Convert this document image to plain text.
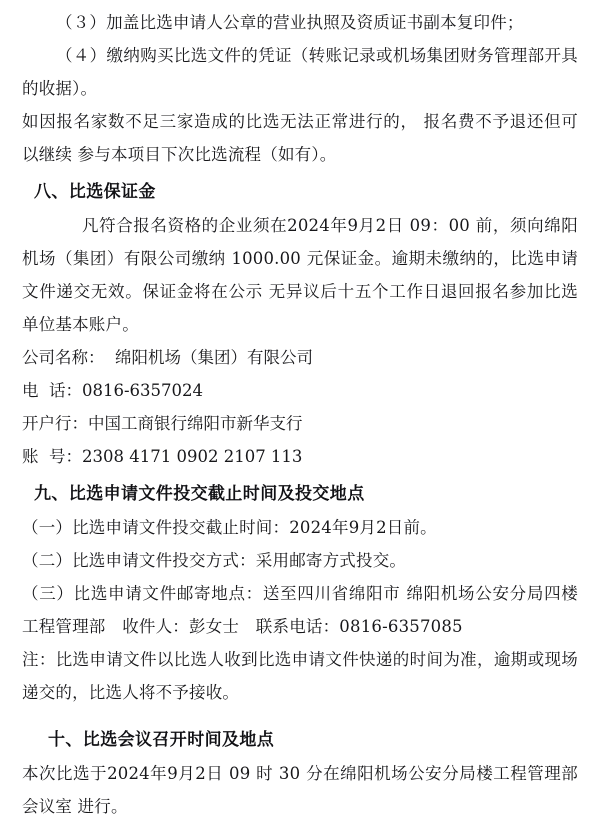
（３）加盖比选申请人公章的营业执照及资质证书副本复印件；

（４）缴纳购买比选文件的凭证（转账记录或机场集团财务管理部开具的收据）。

如因报名家数不足三家造成的比选无法正常进行的， 报名费不予退还但可以继续 参与本项目下次比选流程（如有）。

八、比选保证金

凡符合报名资格的企业须在2024年9月2日 09：00 前，须向绵阳机场（集团）有限公司缴纳 1000.00 元保证金。逾期未缴纳的，比选申请文件递交无效。保证金将在公示 无异议后十五个工作日退回报名参加比选单位基本账户。

公司名称：  绵阳机场（集团）有限公司

电  话：0816-6357024

开户行：中国工商银行绵阳市新华支行

账  号：2308 4171 0902 2107 113

九、比选申请文件投交截止时间及投交地点

（一）比选申请文件投交截止时间：2024年9月2日前。

（二）比选申请文件投交方式：采用邮寄方式投交。

（三）比选申请文件邮寄地点：送至四川省绵阳市 绵阳机场公安分局四楼工程管理部　收件人：彭女士　联系电话：0816-6357085

注：比选申请文件以比选人收到比选申请文件快递的时间为准，逾期或现场递交的，比选人将不予接收。

十、比选会议召开时间及地点

本次比选于2024年9月2日 09 时 30 分在绵阳机场公安分局楼工程管理部会议室 进行。
